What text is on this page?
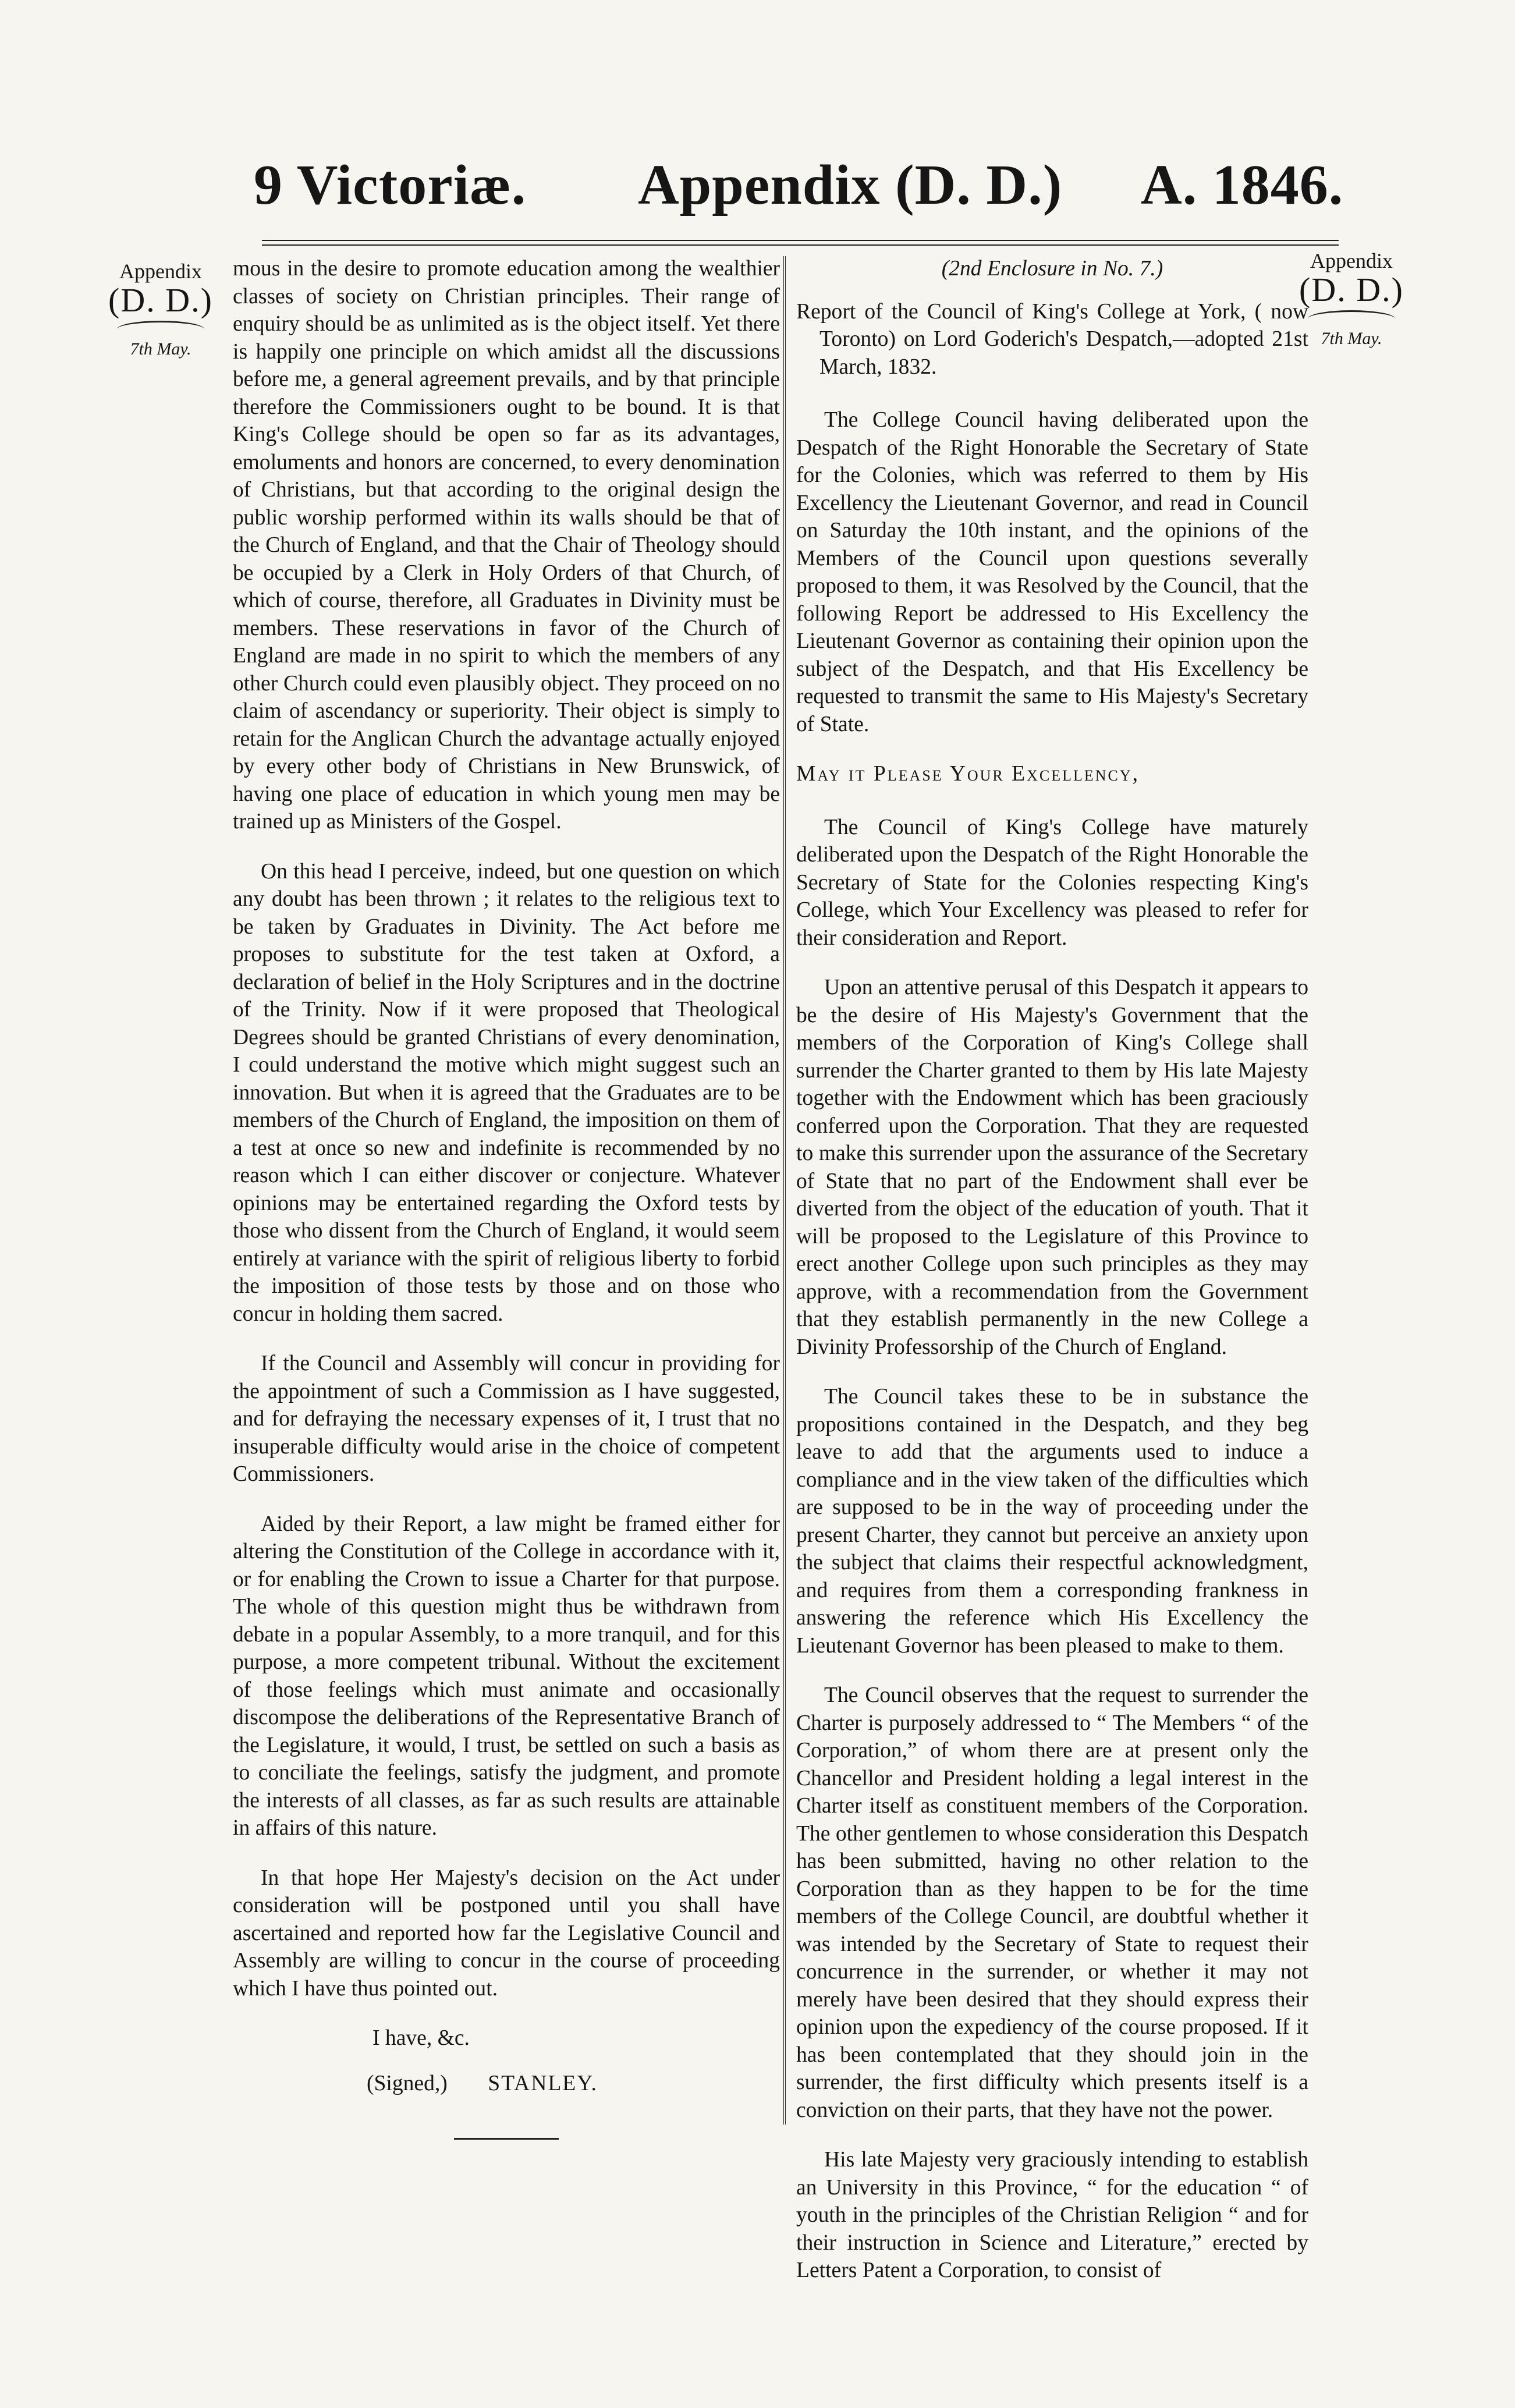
9 Victoriæ. Appendix (D. D.) A. 1846.
Appendix
(D. D.)
7th May.
Appendix
(D. D.)
7th May.

mous in the desire to promote education among the wealthier classes of society on Christian principles. Their range of enquiry should be as unlimited as is the object itself. Yet there is happily one principle on which amidst all the discussions before me, a general agreement prevails, and by that principle therefore the Commissioners ought to be bound. It is that King's College should be open so far as its advantages, emoluments and honors are concerned, to every denomination of Christians, but that according to the original design the public worship performed within its walls should be that of the Church of England, and that the Chair of Theology should be occupied by a Clerk in Holy Orders of that Church, of which of course, therefore, all Graduates in Divinity must be members. These reservations in favor of the Church of England are made in no spirit to which the members of any other Church could even plausibly object. They proceed on no claim of ascendancy or superiority. Their object is simply to retain for the Anglican Church the advantage actually enjoyed by every other body of Christians in New Brunswick, of having one place of education in which young men may be trained up as Ministers of the Gospel.

On this head I perceive, indeed, but one question on which any doubt has been thrown ; it relates to the religious text to be taken by Graduates in Divinity. The Act before me proposes to substitute for the test taken at Oxford, a declaration of belief in the Holy Scriptures and in the doctrine of the Trinity. Now if it were proposed that Theological Degrees should be granted Christians of every denomination, I could understand the motive which might suggest such an innovation. But when it is agreed that the Graduates are to be members of the Church of England, the imposition on them of a test at once so new and indefinite is recommended by no reason which I can either discover or conjecture. Whatever opinions may be entertained regarding the Oxford tests by those who dissent from the Church of England, it would seem entirely at variance with the spirit of religious liberty to forbid the imposition of those tests by those and on those who concur in holding them sacred.

If the Council and Assembly will concur in providing for the appointment of such a Commission as I have suggested, and for defraying the necessary expenses of it, I trust that no insuperable difficulty would arise in the choice of competent Commissioners.

Aided by their Report, a law might be framed either for altering the Constitution of the College in accordance with it, or for enabling the Crown to issue a Charter for that purpose. The whole of this question might thus be withdrawn from debate in a popular Assembly, to a more tranquil, and for this purpose, a more competent tribunal. Without the excitement of those feelings which must animate and occasionally discompose the deliberations of the Representative Branch of the Legislature, it would, I trust, be settled on such a basis as to conciliate the feelings, satisfy the judgment, and promote the interests of all classes, as far as such results are attainable in affairs of this nature.

In that hope Her Majesty's decision on the Act under consideration will be postponed until you shall have ascertained and reported how far the Legislative Council and Assembly are willing to concur in the course of proceeding which I have thus pointed out.

I have, &c.

(Signed,) STANLEY.

(2nd Enclosure in No. 7.)

Report of the Council of King's College at York, ( now Toronto) on Lord Goderich's Despatch,—adopted 21st March, 1832.

The College Council having deliberated upon the Despatch of the Right Honorable the Secretary of State for the Colonies, which was referred to them by His Excellency the Lieutenant Governor, and read in Council on Saturday the 10th instant, and the opinions of the Members of the Council upon questions severally proposed to them, it was Resolved by the Council, that the following Report be addressed to His Excellency the Lieutenant Governor as containing their opinion upon the subject of the Despatch, and that His Excellency be requested to transmit the same to His Majesty's Secretary of State.

May it Please Your Excellency,

The Council of King's College have maturely deliberated upon the Despatch of the Right Honorable the Secretary of State for the Colonies respecting King's College, which Your Excellency was pleased to refer for their consideration and Report.

Upon an attentive perusal of this Despatch it appears to be the desire of His Majesty's Government that the members of the Corporation of King's College shall surrender the Charter granted to them by His late Majesty together with the Endowment which has been graciously conferred upon the Corporation. That they are requested to make this surrender upon the assurance of the Secretary of State that no part of the Endowment shall ever be diverted from the object of the education of youth. That it will be proposed to the Legislature of this Province to erect another College upon such principles as they may approve, with a recommendation from the Government that they establish permanently in the new College a Divinity Professorship of the Church of England.

The Council takes these to be in substance the propositions contained in the Despatch, and they beg leave to add that the arguments used to induce a compliance and in the view taken of the difficulties which are supposed to be in the way of proceeding under the present Charter, they cannot but perceive an anxiety upon the subject that claims their respectful acknowledgment, and requires from them a corresponding frankness in answering the reference which His Excellency the Lieutenant Governor has been pleased to make to them.

The Council observes that the request to surrender the Charter is purposely addressed to “ The Members “ of the Corporation,” of whom there are at present only the Chancellor and President holding a legal interest in the Charter itself as constituent members of the Corporation. The other gentlemen to whose consideration this Despatch has been submitted, having no other relation to the Corporation than as they happen to be for the time members of the College Council, are doubtful whether it was intended by the Secretary of State to request their concurrence in the surrender, or whether it may not merely have been desired that they should express their opinion upon the expediency of the course proposed. If it has been contemplated that they should join in the surrender, the first difficulty which presents itself is a conviction on their parts, that they have not the power.

His late Majesty very graciously intending to establish an University in this Province, “ for the education “ of youth in the principles of the Christian Religion “ and for their instruction in Science and Literature,” erected by Letters Patent a Corporation, to consist of
